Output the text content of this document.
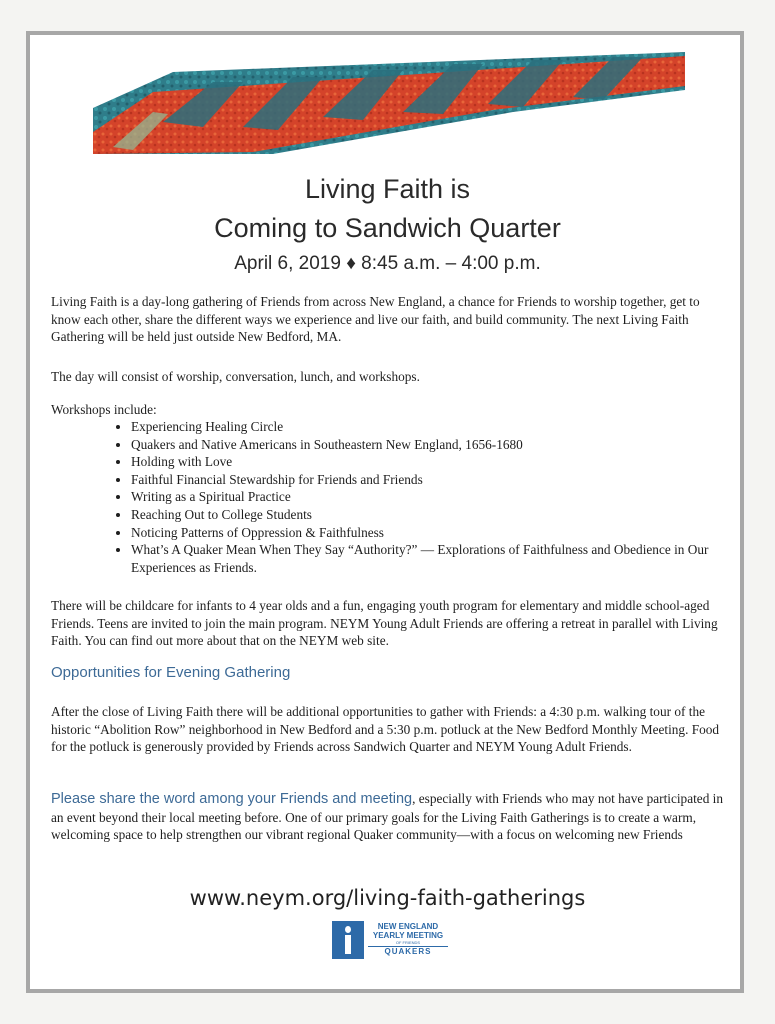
Living Faith is
Coming to Sandwich Quarter
April 6, 2019 ♦ 8:45 a.m. – 4:00 p.m.
Living Faith is a day-long gathering of Friends from across New England, a chance for Friends to worship together, get to know each other, share the different ways we experience and live our faith, and build community. The next Living Faith Gathering will be held just outside New Bedford, MA.
The day will consist of worship, conversation, lunch, and workshops.
Workshops include:
• Experiencing Healing Circle
• Quakers and Native Americans in Southeastern New England, 1656-1680
• Holding with Love
• Faithful Financial Stewardship for Friends and Friends
• Writing as a Spiritual Practice
• Reaching Out to College Students
• Noticing Patterns of Oppression & Faithfulness
• What’s A Quaker Mean When They Say “Authority?” — Explorations of Faithfulness and Obedience in Our Experiences as Friends.
There will be childcare for infants to 4 year olds and a fun, engaging youth program for elementary and middle school-aged Friends. Teens are invited to join the main program. NEYM Young Adult Friends are offering a retreat in parallel with Living Faith. You can find out more about that on the NEYM web site.
Opportunities for Evening Gathering
After the close of Living Faith there will be additional opportunities to gather with Friends: a 4:30 p.m. walking tour of the historic “Abolition Row” neighborhood in New Bedford and a 5:30 p.m. potluck at the New Bedford Monthly Meeting. Food for the potluck is generously provided by Friends across Sandwich Quarter and NEYM Young Adult Friends.
Please share the word among your Friends and meeting, especially with Friends who may not have participated in an event beyond their local meeting before. One of our primary goals for the Living Faith Gatherings is to create a warm, welcoming space to help strengthen our vibrant regional Quaker community—with a focus on welcoming new Friends
www.neym.org/living-faith-gatherings
NEW ENGLAND
YEARLY MEETING
OF FRIENDS
QUAKERS
